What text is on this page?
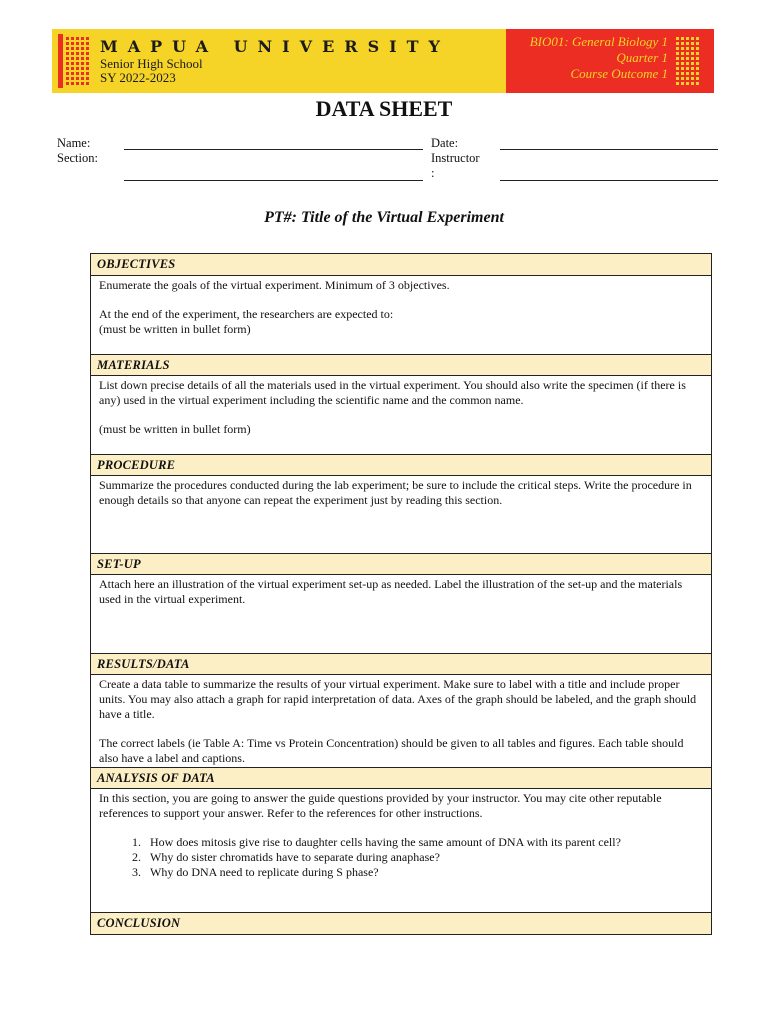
MAPUA UNIVERSITY
Senior High School
SY 2022-2023
BIO01: General Biology 1
Quarter 1
Course Outcome 1
DATA SHEET
Name:
Section:
Date:
Instructor
:
PT#: Title of the Virtual Experiment
OBJECTIVES

Enumerate the goals of the virtual experiment. Minimum of 3 objectives.

At the end of the experiment, the researchers are expected to:

(must be written in bullet form)

MATERIALS

List down precise details of all the materials used in the virtual experiment. You should also write the specimen (if there is any) used in the virtual experiment including the scientific name and the common name.

(must be written in bullet form)

PROCEDURE

Summarize the procedures conducted during the lab experiment; be sure to include the critical steps. Write the procedure in enough details so that anyone can repeat the experiment just by reading this section.

SET-UP

Attach here an illustration of the virtual experiment set-up as needed. Label the illustration of the set-up and the materials used in the virtual experiment.

RESULTS/DATA

Create a data table to summarize the results of your virtual experiment. Make sure to label with a title and include proper units. You may also attach a graph for rapid interpretation of data. Axes of the graph should be labeled, and the graph should have a title.

The correct labels (ie Table A: Time vs Protein Concentration) should be given to all tables and figures. Each table should also have a label and captions.

ANALYSIS OF DATA

In this section, you are going to answer the guide questions provided by your instructor. You may cite other reputable references to support your answer. Refer to the references for other instructions.

1. How does mitosis give rise to daughter cells having the same amount of DNA with its parent cell?
2. Why do sister chromatids have to separate during anaphase?
3. Why do DNA need to replicate during S phase?
CONCLUSION
